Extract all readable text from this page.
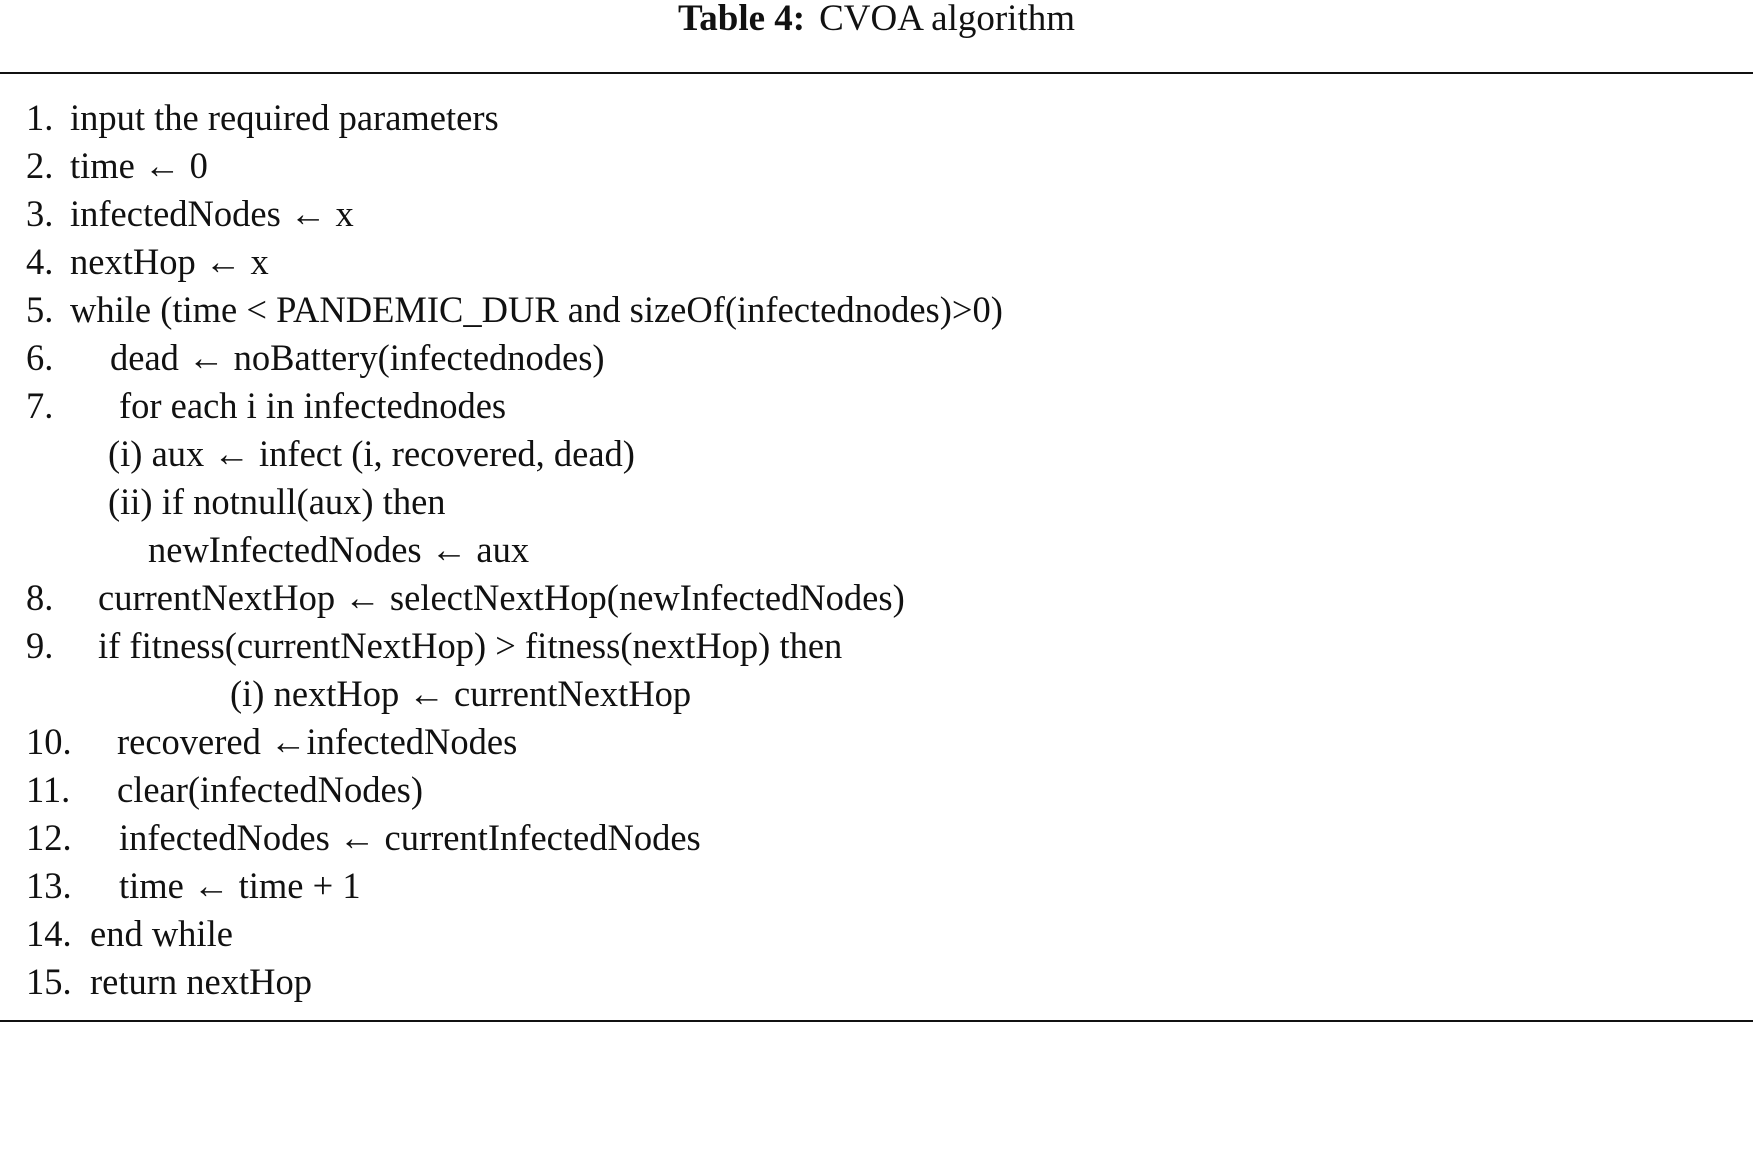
Table 4: CVOA algorithm

1.

input the required parameters

2.

time ← 0

3.

infectedNodes ← x

4.

nextHop ← x

5.

while (time < PANDEMIC_DUR and sizeOf(infectednodes)>0)

6.

dead ← noBattery(infectednodes)

7.

for each i in infectednodes

(i) aux ← infect (i, recovered, dead)

(ii) if notnull(aux) then

newInfectedNodes ← aux

8.

currentNextHop ← selectNextHop(newInfectedNodes)

9.

if fitness(currentNextHop) > fitness(nextHop) then

(i) nextHop ← currentNextHop

10.

recovered ←infectedNodes

11.

clear(infectedNodes)

12.

infectedNodes ← currentInfectedNodes

13.

time ← time + 1

14.

end while

15.

return nextHop
